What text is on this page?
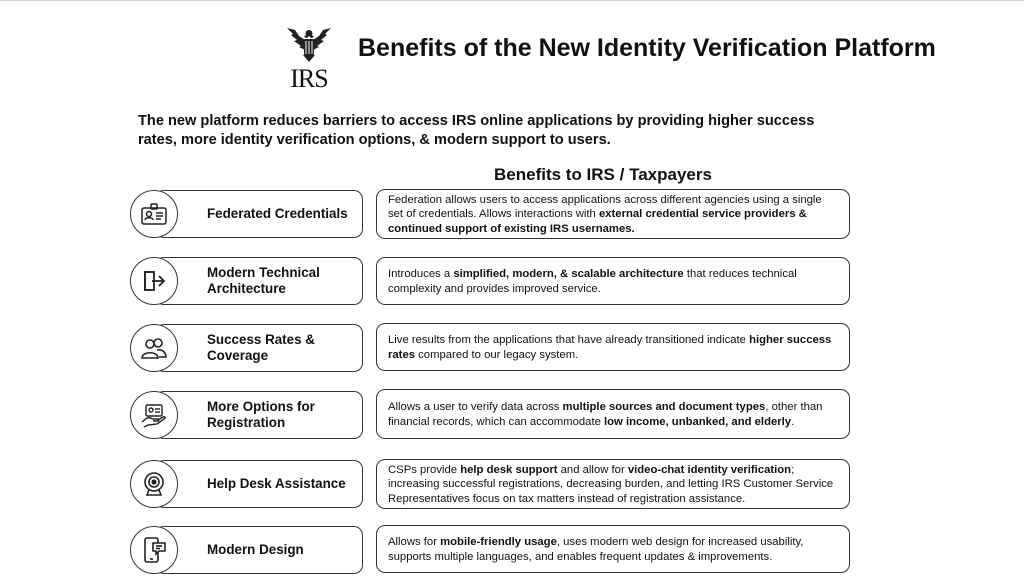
IRS
Benefits of the New Identity Verification Platform
The new platform reduces barriers to access IRS online applications by providing higher success rates, more identity verification options, & modern support to users.
Benefits to IRS / Taxpayers
Federated Credentials
Federation allows users to access applications across different agencies using a single set of credentials. Allows interactions with external credential service providers & continued support of existing IRS usernames.
Modern Technical
Architecture
Introduces a simplified, modern, & scalable architecture that reduces technical complexity and provides improved service.
Success Rates &
Coverage
Live results from the applications that have already transitioned indicate higher success rates compared to our legacy system.
More Options for
Registration
Allows a user to verify data across multiple sources and document types, other than financial records, which can accommodate low income, unbanked, and elderly.
Help Desk Assistance
CSPs provide help desk support and allow for video-chat identity verification; increasing successful registrations, decreasing burden, and letting IRS Customer Service Representatives focus on tax matters instead of registration assistance.
Modern Design
Allows for mobile-friendly usage, uses modern web design for increased usability, supports multiple languages, and enables frequent updates & improvements.
